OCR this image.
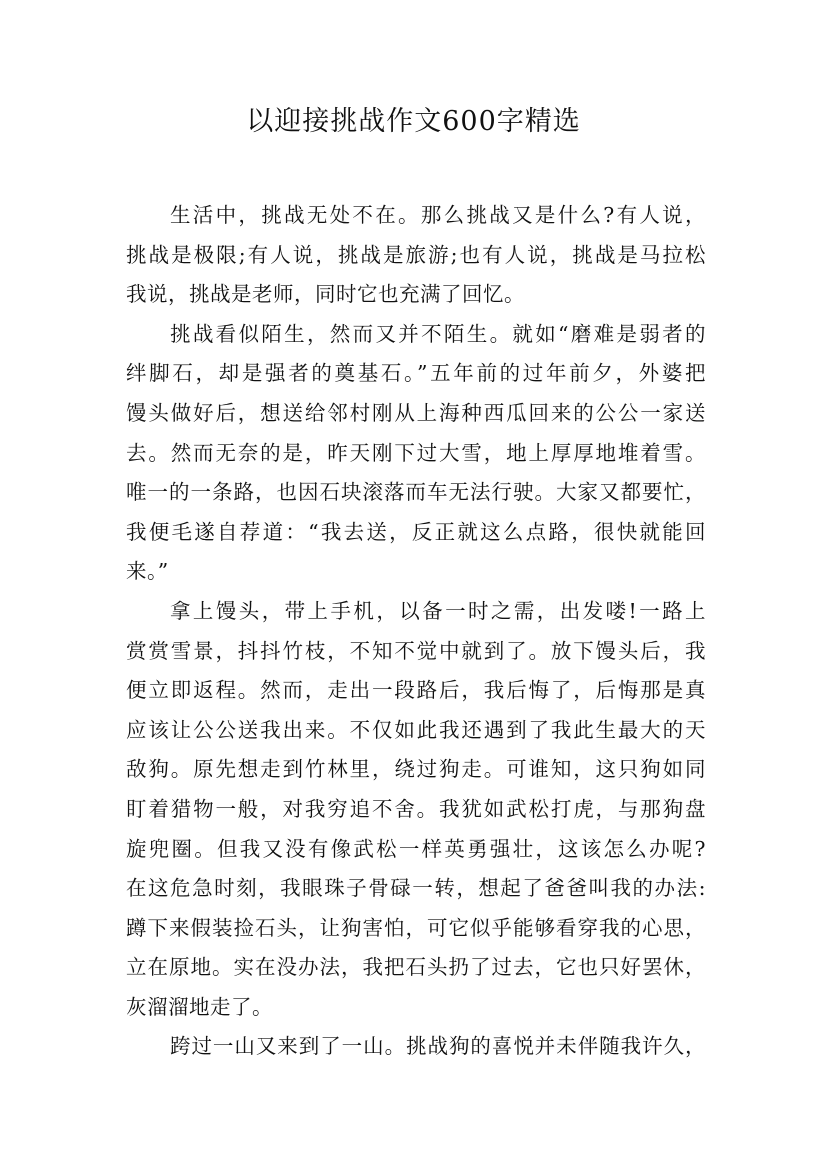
以迎接挑战作文600字精选
生活中，挑战无处不在。那么挑战又是什么?有人说，
挑战是极限;有人说，挑战是旅游;也有人说，挑战是马拉松
我说，挑战是老师，同时它也充满了回忆。
挑战看似陌生，然而又并不陌生。就如“磨难是弱者的
绊脚石，却是强者的奠基石。”五年前的过年前夕，外婆把
馒头做好后，想送给邻村刚从上海种西瓜回来的公公一家送
去。然而无奈的是，昨天刚下过大雪，地上厚厚地堆着雪。
唯一的一条路，也因石块滚落而车无法行驶。大家又都要忙，
我便毛遂自荐道：“我去送，反正就这么点路，很快就能回
来。”
拿上馒头，带上手机，以备一时之需，出发喽!一路上
赏赏雪景，抖抖竹枝，不知不觉中就到了。放下馒头后，我
便立即返程。然而，走出一段路后，我后悔了，后悔那是真
应该让公公送我出来。不仅如此我还遇到了我此生最大的天
敌狗。原先想走到竹林里，绕过狗走。可谁知，这只狗如同
盯着猎物一般，对我穷追不舍。我犹如武松打虎，与那狗盘
旋兜圈。但我又没有像武松一样英勇强壮，这该怎么办呢?
在这危急时刻，我眼珠子骨碌一转，想起了爸爸叫我的办法:
蹲下来假装捡石头，让狗害怕，可它似乎能够看穿我的心思，
立在原地。实在没办法，我把石头扔了过去，它也只好罢休，
灰溜溜地走了。
跨过一山又来到了一山。挑战狗的喜悦并未伴随我许久，
